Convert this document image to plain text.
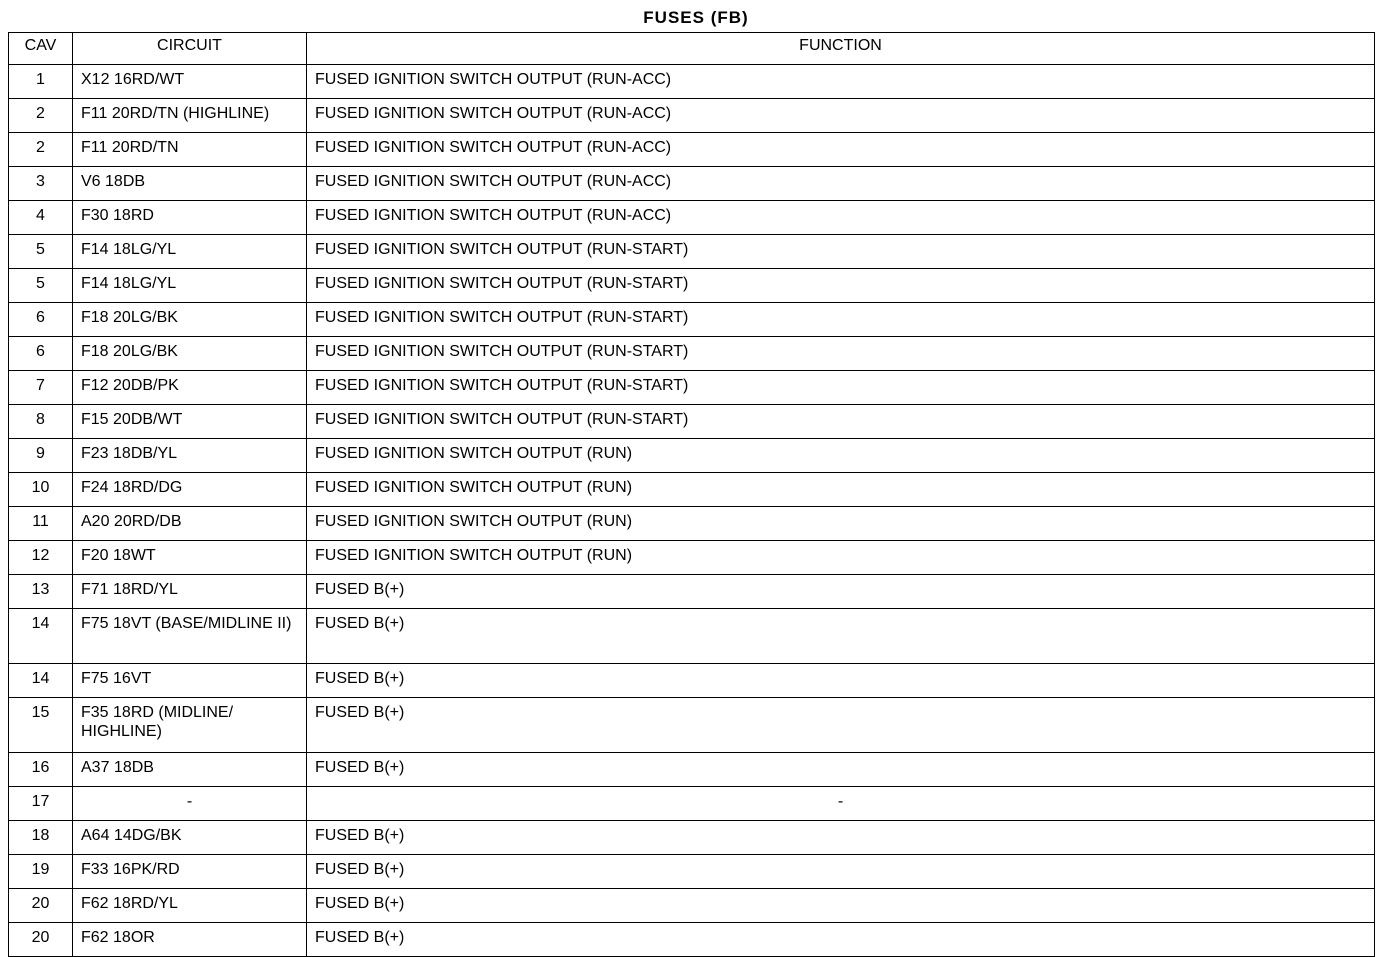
FUSES (FB)
CAV	CIRCUIT	FUNCTION
1	X12 16RD/WT	FUSED IGNITION SWITCH OUTPUT (RUN-ACC)
2	F11 20RD/TN (HIGHLINE)	FUSED IGNITION SWITCH OUTPUT (RUN-ACC)
2	F11 20RD/TN	FUSED IGNITION SWITCH OUTPUT (RUN-ACC)
3	V6 18DB	FUSED IGNITION SWITCH OUTPUT (RUN-ACC)
4	F30 18RD	FUSED IGNITION SWITCH OUTPUT (RUN-ACC)
5	F14 18LG/YL	FUSED IGNITION SWITCH OUTPUT (RUN-START)
5	F14 18LG/YL	FUSED IGNITION SWITCH OUTPUT (RUN-START)
6	F18 20LG/BK	FUSED IGNITION SWITCH OUTPUT (RUN-START)
6	F18 20LG/BK	FUSED IGNITION SWITCH OUTPUT (RUN-START)
7	F12 20DB/PK	FUSED IGNITION SWITCH OUTPUT (RUN-START)
8	F15 20DB/WT	FUSED IGNITION SWITCH OUTPUT (RUN-START)
9	F23 18DB/YL	FUSED IGNITION SWITCH OUTPUT (RUN)
10	F24 18RD/DG	FUSED IGNITION SWITCH OUTPUT (RUN)
11	A20 20RD/DB	FUSED IGNITION SWITCH OUTPUT (RUN)
12	F20 18WT	FUSED IGNITION SWITCH OUTPUT (RUN)
13	F71 18RD/YL	FUSED B(+)
14	F75 18VT (BASE/MIDLINE II)	FUSED B(+)
14	F75 16VT	FUSED B(+)
15	F35 18RD (MIDLINE/ HIGHLINE)	FUSED B(+)
16	A37 18DB	FUSED B(+)
17	-	-
18	A64 14DG/BK	FUSED B(+)
19	F33 16PK/RD	FUSED B(+)
20	F62 18RD/YL	FUSED B(+)
20	F62 18OR	FUSED B(+)
